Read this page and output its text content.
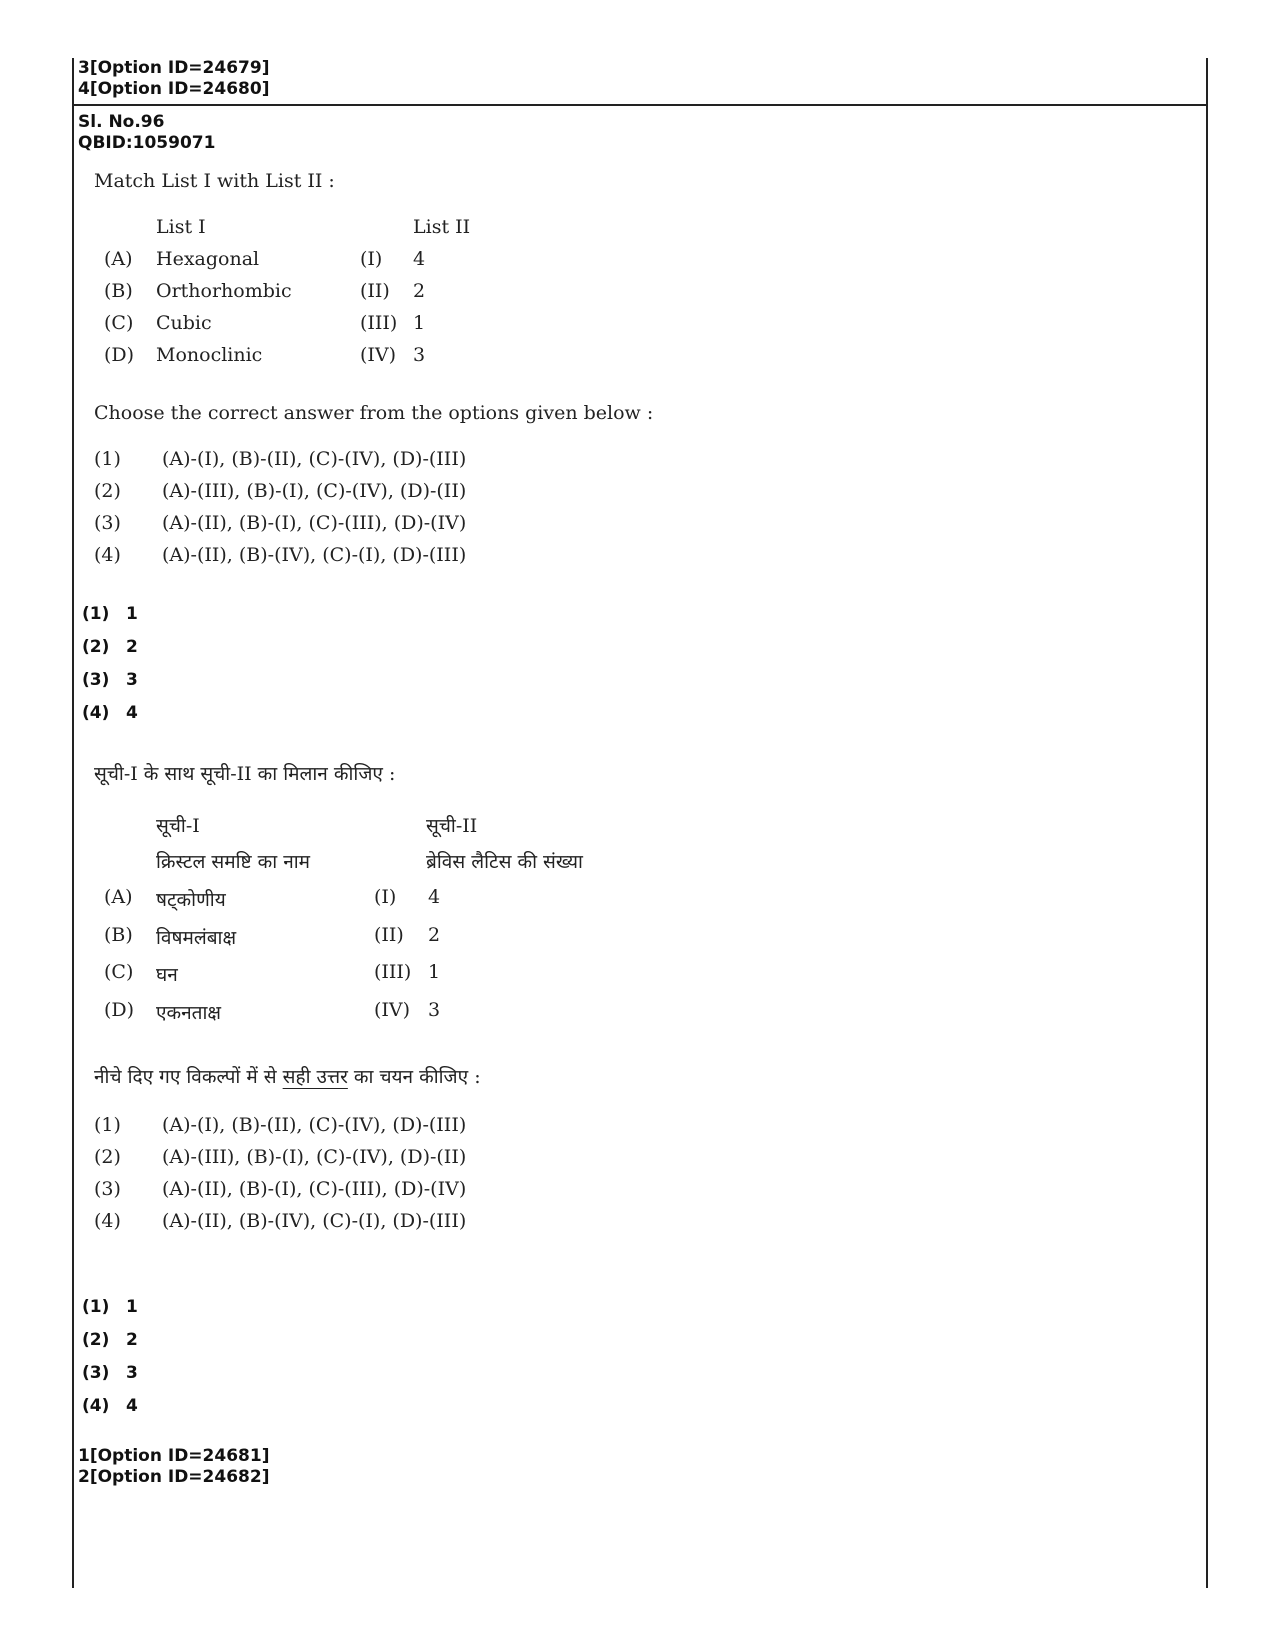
3[Option ID=24679]
4[Option ID=24680]
Sl. No.96
QBID:1059071
Match List I with List II :
List I	List II
(A) Hexagonal	(I) 4
(B) Orthorhombic	(II) 2
(C) Cubic	(III) 1
(D) Monoclinic	(IV) 3
Choose the correct answer from the options given below :
(1) (A)-(I), (B)-(II), (C)-(IV), (D)-(III)
(2) (A)-(III), (B)-(I), (C)-(IV), (D)-(II)
(3) (A)-(II), (B)-(I), (C)-(III), (D)-(IV)
(4) (A)-(II), (B)-(IV), (C)-(I), (D)-(III)
(1) 1
(2) 2
(3) 3
(4) 4
सूची-I के साथ सूची-II का मिलान कीजिए :
सूची-I	सूची-II
क्रिस्टल समष्टि का नाम	ब्रेविस लैटिस की संख्या
(A) षट्कोणीय	(I) 4
(B) विषमलंबाक्ष	(II) 2
(C) घन	(III) 1
(D) एकनताक्ष	(IV) 3
नीचे दिए गए विकल्पों में से सही उत्तर का चयन कीजिए :
(1) (A)-(I), (B)-(II), (C)-(IV), (D)-(III)
(2) (A)-(III), (B)-(I), (C)-(IV), (D)-(II)
(3) (A)-(II), (B)-(I), (C)-(III), (D)-(IV)
(4) (A)-(II), (B)-(IV), (C)-(I), (D)-(III)
(1) 1
(2) 2
(3) 3
(4) 4
1[Option ID=24681]
2[Option ID=24682]
